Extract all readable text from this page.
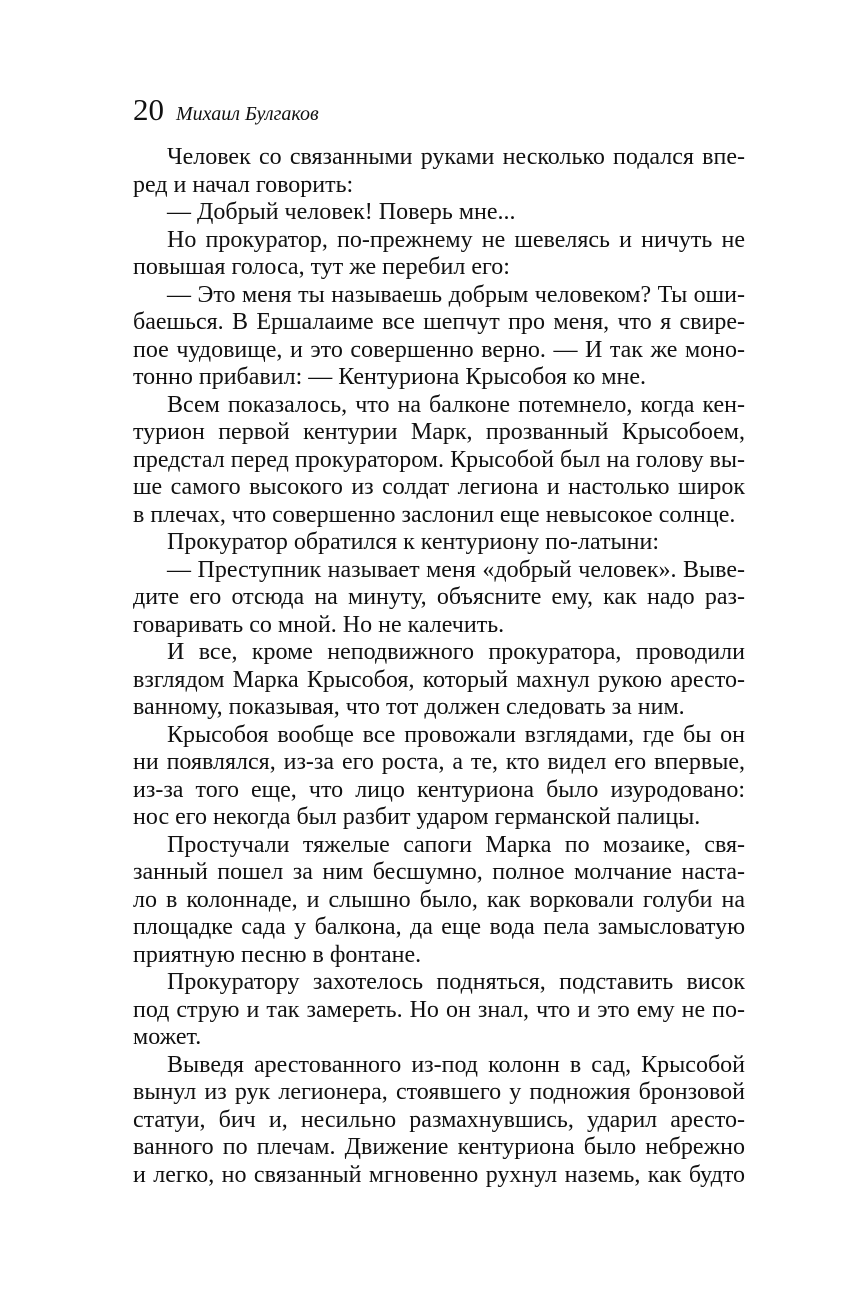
20 Михаил Булгаков
Человек со связанными руками несколько подался впе-
ред и начал говорить:
— Добрый человек! Поверь мне...
Но прокуратор, по-прежнему не шевелясь и ничуть не
повышая голоса, тут же перебил его:
— Это меня ты называешь добрым человеком? Ты оши-
баешься. В Ершалаиме все шепчут про меня, что я свире-
пое чудовище, и это совершенно верно. — И так же моно-
тонно прибавил: — Кентуриона Крысобоя ко мне.
Всем показалось, что на балконе потемнело, когда кен-
турион первой кентурии Марк, прозванный Крысобоем,
предстал перед прокуратором. Крысобой был на голову вы-
ше самого высокого из солдат легиона и настолько широк
в плечах, что совершенно заслонил еще невысокое солнце.
Прокуратор обратился к кентуриону по-латыни:
— Преступник называет меня «добрый человек». Выве-
дите его отсюда на минуту, объясните ему, как надо раз-
говаривать со мной. Но не калечить.
И все, кроме неподвижного прокуратора, проводили
взглядом Марка Крысобоя, который махнул рукою аресто-
ванному, показывая, что тот должен следовать за ним.
Крысобоя вообще все провожали взглядами, где бы он
ни появлялся, из-за его роста, а те, кто видел его впервые,
из-за того еще, что лицо кентуриона было изуродовано:
нос его некогда был разбит ударом германской палицы.
Простучали тяжелые сапоги Марка по мозаике, свя-
занный пошел за ним бесшумно, полное молчание наста-
ло в колоннаде, и слышно было, как ворковали голуби на
площадке сада у балкона, да еще вода пела замысловатую
приятную песню в фонтане.
Прокуратору захотелось подняться, подставить висок
под струю и так замереть. Но он знал, что и это ему не по-
может.
Выведя арестованного из-под колонн в сад, Крысобой
вынул из рук легионера, стоявшего у подножия бронзовой
статуи, бич и, несильно размахнувшись, ударил аресто-
ванного по плечам. Движение кентуриона было небрежно
и легко, но связанный мгновенно рухнул наземь, как будто
